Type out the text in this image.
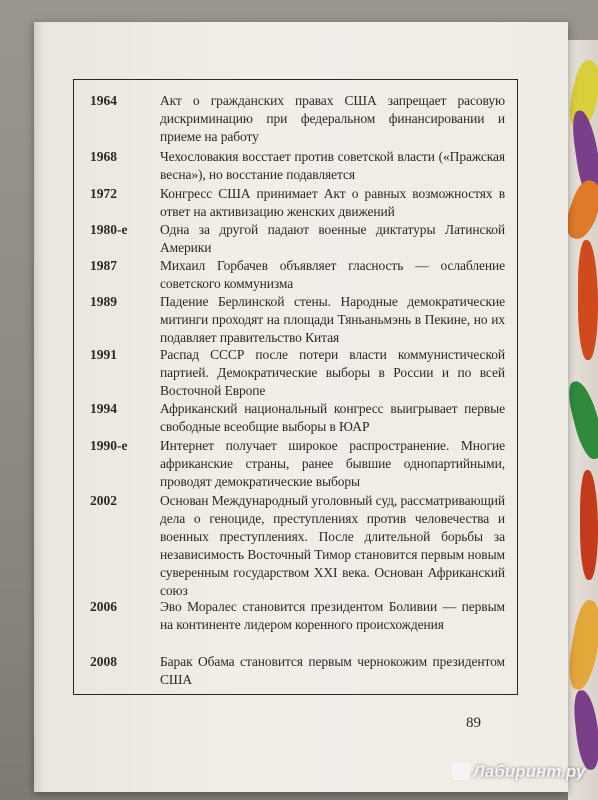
1964	Акт о гражданских правах США запрещает расовую дискриминацию при федеральном финансировании и приеме на работу
1968	Чехословакия восстает против советской власти («Пражская весна»), но восстание подавляется
1972	Конгресс США принимает Акт о равных возможностях в ответ на активизацию женских движений
1980-е	Одна за другой падают военные диктатуры Латинской Америки
1987	Михаил Горбачев объявляет гласность — ослабление советского коммунизма
1989	Падение Берлинской стены. Народные демократические митинги проходят на площади Тяньаньмэнь в Пекине, но их подавляет правительство Китая
1991	Распад СССР после потери власти коммунистической партией. Демократические выборы в России и по всей Восточной Европе
1994	Африканский национальный конгресс выигрывает первые свободные всеобщие выборы в ЮАР
1990-е	Интернет получает широкое распространение. Многие африканские страны, ранее бывшие однопартийными, проводят демократические выборы
2002	Основан Международный уголовный суд, рассматривающий дела о геноциде, преступлениях против человечества и военных преступлениях. После длительной борьбы за независимость Восточный Тимор становится первым новым суверенным государством XXI века. Основан Африканский союз
2006	Эво Моралес становится президентом Боливии — первым на континенте лидером коренного происхождения
2008	Барак Обама становится первым чернокожим президентом США
89
Лабиринт.ру
